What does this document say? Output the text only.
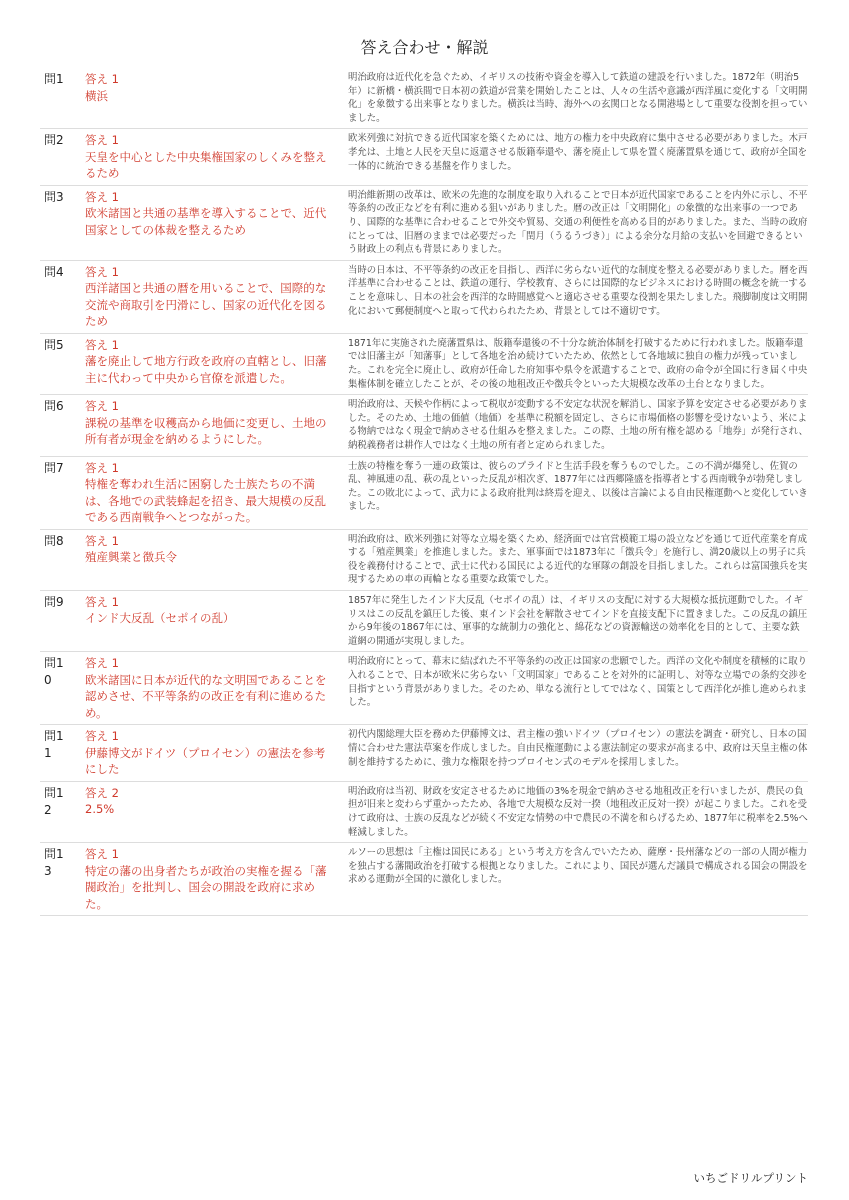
答え合わせ・解説
問1	答え 1
横浜
明治政府は近代化を急ぐため、イギリスの技術や資金を導入して鉄道の建設を行いました。1872年（明治5年）に新橋・横浜間で日本初の鉄道が営業を開始したことは、人々の生活や意識が西洋風に変化する「文明開化」を象徴する出来事となりました。横浜は当時、海外への玄関口となる開港場として重要な役割を担っていました。
問2	答え 1
天皇を中心とした中央集権国家のしくみを整えるため
欧米列強に対抗できる近代国家を築くためには、地方の権力を中央政府に集中させる必要がありました。木戸孝允は、土地と人民を天皇に返還させる版籍奉還や、藩を廃止して県を置く廃藩置県を通じて、政府が全国を一体的に統治できる基盤を作りました。
問3	答え 1
欧米諸国と共通の基準を導入することで、近代国家としての体裁を整えるため
明治維新期の改革は、欧米の先進的な制度を取り入れることで日本が近代国家であることを内外に示し、不平等条約の改正などを有利に進める狙いがありました。暦の改正は「文明開化」の象徴的な出来事の一つであり、国際的な基準に合わせることで外交や貿易、交通の利便性を高める目的がありました。また、当時の政府にとっては、旧暦のままでは必要だった「閏月（うるうづき）」による余分な月給の支払いを回避できるという財政上の利点も背景にありました。
問4	答え 1
西洋諸国と共通の暦を用いることで、国際的な交流や商取引を円滑にし、国家の近代化を図るため
当時の日本は、不平等条約の改正を目指し、西洋に劣らない近代的な制度を整える必要がありました。暦を西洋基準に合わせることは、鉄道の運行、学校教育、さらには国際的なビジネスにおける時間の概念を統一することを意味し、日本の社会を西洋的な時間感覚へと適応させる重要な役割を果たしました。飛脚制度は文明開化において郵便制度へと取って代わられたため、背景としては不適切です。
問5	答え 1
藩を廃止して地方行政を政府の直轄とし、旧藩主に代わって中央から官僚を派遣した。
1871年に実施された廃藩置県は、版籍奉還後の不十分な統治体制を打破するために行われました。版籍奉還では旧藩主が「知藩事」として各地を治め続けていたため、依然として各地域に独自の権力が残っていました。これを完全に廃止し、政府が任命した府知事や県令を派遣することで、政府の命令が全国に行き届く中央集権体制を確立したことが、その後の地租改正や徴兵令といった大規模な改革の土台となりました。
問6	答え 1
課税の基準を収穫高から地価に変更し、土地の所有者が現金を納めるようにした。
明治政府は、天候や作柄によって税収が変動する不安定な状況を解消し、国家予算を安定させる必要がありました。そのため、土地の価値（地価）を基準に税額を固定し、さらに市場価格の影響を受けないよう、米による物納ではなく現金で納めさせる仕組みを整えました。この際、土地の所有権を認める「地券」が発行され、納税義務者は耕作人ではなく土地の所有者と定められました。
問7	答え 1
特権を奪われ生活に困窮した士族たちの不満は、各地での武装蜂起を招き、最大規模の反乱である西南戦争へとつながった。
士族の特権を奪う一連の政策は、彼らのプライドと生活手段を奪うものでした。この不満が爆発し、佐賀の乱、神風連の乱、萩の乱といった反乱が相次ぎ、1877年には西郷隆盛を指導者とする西南戦争が勃発しました。この敗北によって、武力による政府批判は終焉を迎え、以後は言論による自由民権運動へと変化していきました。
問8	答え 1
殖産興業と徴兵令
明治政府は、欧米列強に対等な立場を築くため、経済面では官営模範工場の設立などを通じて近代産業を育成する「殖産興業」を推進しました。また、軍事面では1873年に「徴兵令」を施行し、満20歳以上の男子に兵役を義務付けることで、武士に代わる国民による近代的な軍隊の創設を目指しました。これらは富国強兵を実現するための車の両輪となる重要な政策でした。
問9	答え 1
インド大反乱（セポイの乱）
1857年に発生したインド大反乱（セポイの乱）は、イギリスの支配に対する大規模な抵抗運動でした。イギリスはこの反乱を鎮圧した後、東インド会社を解散させてインドを直接支配下に置きました。この反乱の鎮圧から9年後の1867年には、軍事的な統制力の強化と、綿花などの資源輸送の効率化を目的として、主要な鉄道網の開通が実現しました。
問10
答え 1
欧米諸国に日本が近代的な文明国であることを認めさせ、不平等条約の改正を有利に進めるため。
明治政府にとって、幕末に結ばれた不平等条約の改正は国家の悲願でした。西洋の文化や制度を積極的に取り入れることで、日本が欧米に劣らない「文明国家」であることを対外的に証明し、対等な立場での条約交渉を目指すという背景がありました。そのため、単なる流行としてではなく、国策として西洋化が推し進められました。
問11
答え 1
伊藤博文がドイツ（プロイセン）の憲法を参考にした
初代内閣総理大臣を務めた伊藤博文は、君主権の強いドイツ（プロイセン）の憲法を調査・研究し、日本の国情に合わせた憲法草案を作成しました。自由民権運動による憲法制定の要求が高まる中、政府は天皇主権の体制を維持するために、強力な権限を持つプロイセン式のモデルを採用しました。
問12
答え 2
2.5%
明治政府は当初、財政を安定させるために地価の3%を現金で納めさせる地租改正を行いましたが、農民の負担が旧来と変わらず重かったため、各地で大規模な反対一揆（地租改正反対一揆）が起こりました。これを受けて政府は、士族の反乱などが続く不安定な情勢の中で農民の不満を和らげるため、1877年に税率を2.5%へ軽減しました。
問13
答え 1
特定の藩の出身者たちが政治の実権を握る「藩閥政治」を批判し、国会の開設を政府に求めた。
ルソーの思想は「主権は国民にある」という考え方を含んでいたため、薩摩・長州藩などの一部の人間が権力を独占する藩閥政治を打破する根拠となりました。これにより、国民が選んだ議員で構成される国会の開設を求める運動が全国的に激化しました。
いちごドリルプリント
